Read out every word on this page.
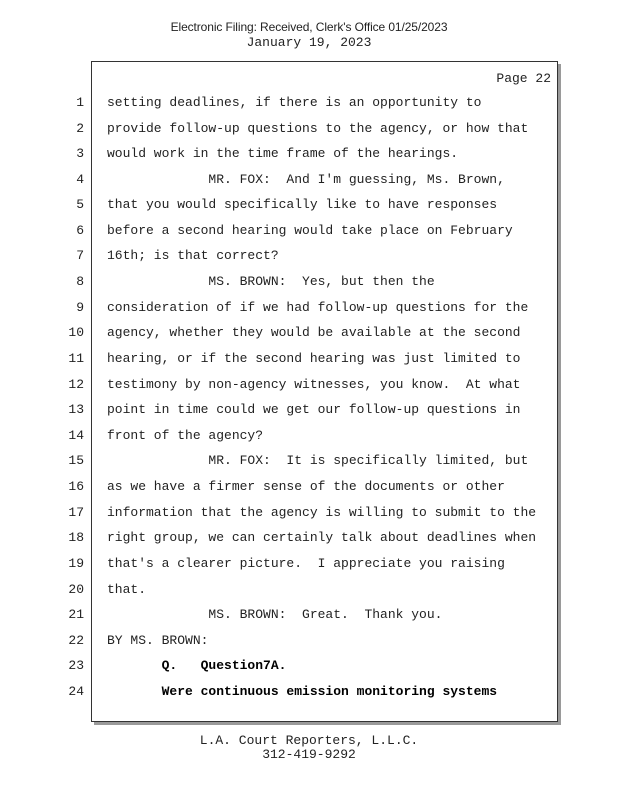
Electronic Filing: Received, Clerk's Office 01/25/2023
January 19, 2023
Page 22
1 setting deadlines, if there is an opportunity to
2 provide follow-up questions to the agency, or how that
3 would work in the time frame of the hearings.
4 MR. FOX:  And I'm guessing, Ms. Brown,
5 that you would specifically like to have responses
6 before a second hearing would take place on February
7 16th; is that correct?
8 MS. BROWN:  Yes, but then the
9 consideration of if we had follow-up questions for the
10 agency, whether they would be available at the second
11 hearing, or if the second hearing was just limited to
12 testimony by non-agency witnesses, you know.  At what
13 point in time could we get our follow-up questions in
14 front of the agency?
15 MR. FOX:  It is specifically limited, but
16 as we have a firmer sense of the documents or other
17 information that the agency is willing to submit to the
18 right group, we can certainly talk about deadlines when
19 that's a clearer picture.  I appreciate you raising
20 that.
21 MS. BROWN:  Great.  Thank you.
22 BY MS. BROWN:
23 Q.   Question7A.
24 Were continuous emission monitoring systems
L.A. Court Reporters, L.L.C.
312-419-9292
